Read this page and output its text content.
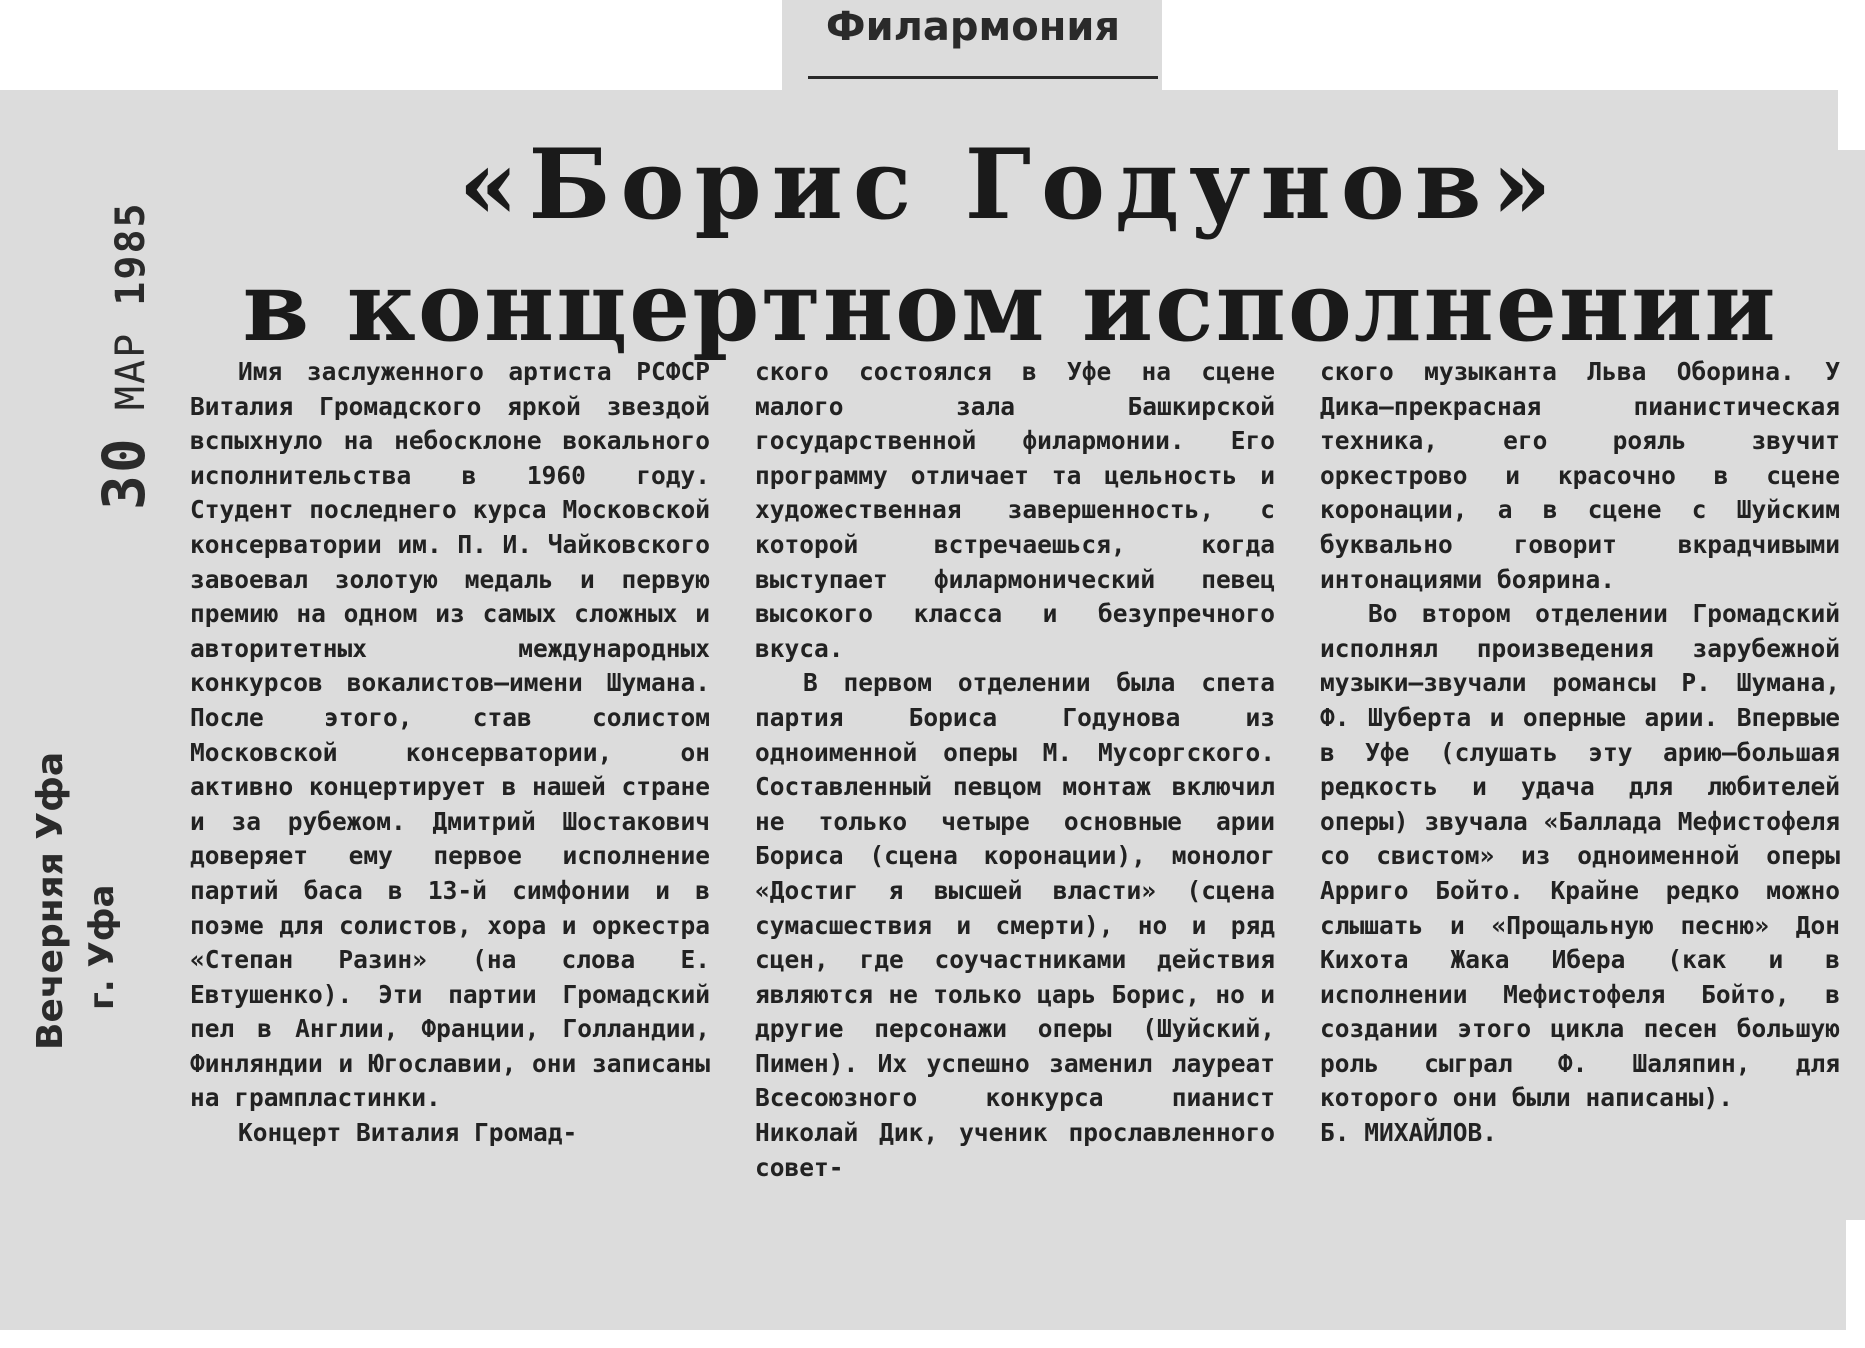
Филармония
30 МАР 1985
Вечерняя Уфа г. Уфа
«Борис Годунов»
в концертном исполнении

Имя заслуженного артиста РСФСР Виталия Громадского яркой звездой вспыхнуло на небосклоне вокального исполнительства в 1960 году. Студент последнего курса Московской консерватории им. П. И. Чайковского завоевал золотую медаль и первую премию на одном из самых сложных и авторитетных международных конкурсов вокалистов—имени Шумана. После этого, став солистом Московской консерватории, он активно концертирует в нашей стране и за рубежом. Дмитрий Шостакович доверяет ему первое исполнение партий баса в 13-й симфонии и в поэме для солистов, хора и оркестра «Степан Разин» (на слова Е. Евтушенко). Эти партии Громадский пел в Англии, Франции, Голландии, Финляндии и Югославии, они записаны на грампластинки.

Концерт Виталия Громад-

ского состоялся в Уфе на сцене малого зала Башкирской государственной филармонии. Его программу отличает та цельность и художественная завершенность, с которой встречаешься, когда выступает филармонический певец высокого класса и безупречного вкуса.

В первом отделении была спета партия Бориса Годунова из одноименной оперы М. Мусоргского. Составленный певцом монтаж включил не только четыре основные арии Бориса (сцена коронации), монолог «Достиг я высшей власти» (сцена сумасшествия и смерти), но и ряд сцен, где соучастниками действия являются не только царь Борис, но и другие персонажи оперы (Шуйский, Пимен). Их успешно заменил лауреат Всесоюзного конкурса пианист Николай Дик, ученик прославленного совет-

ского музыканта Льва Оборина. У Дика—прекрасная пианистическая техника, его рояль звучит оркестрово и красочно в сцене коронации, а в сцене с Шуйским буквально говорит вкрадчивыми интонациями боярина.

Во втором отделении Громадский исполнял произведения зарубежной музыки—звучали романсы Р. Шумана, Ф. Шуберта и оперные арии. Впервые в Уфе (слушать эту арию—большая редкость и удача для любителей оперы) звучала «Баллада Мефистофеля со свистом» из одноименной оперы Арриго Бойто. Крайне редко можно слышать и «Прощальную песню» Дон Кихота Жака Ибера (как и в исполнении Мефистофеля Бойто, в создании этого цикла песен большую роль сыграл Ф. Шаляпин, для которого они были написаны).

Б. МИХАЙЛОВ.
